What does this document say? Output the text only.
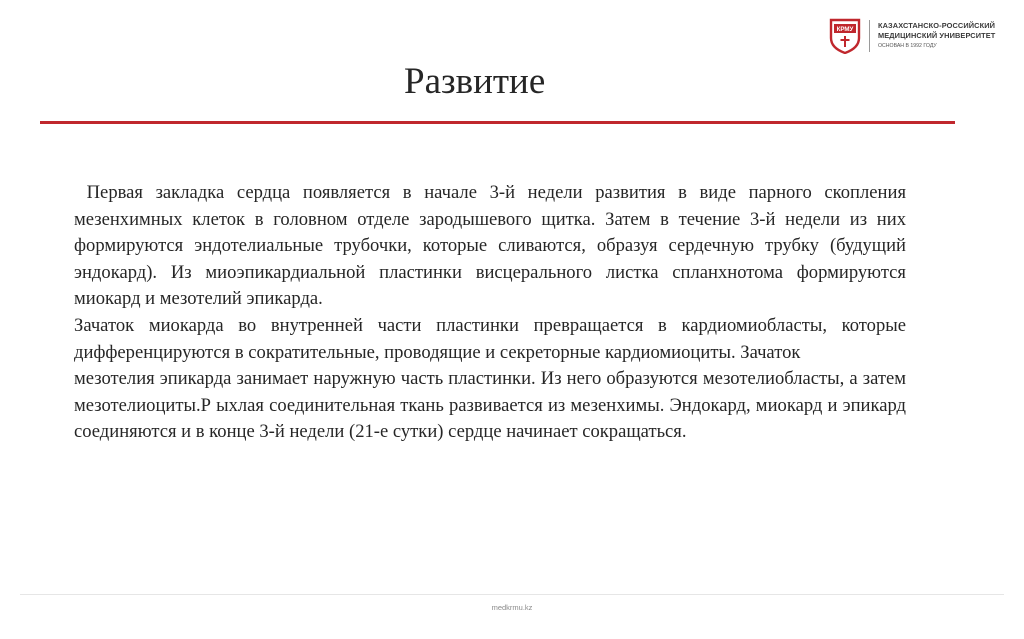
КРМУ	КАЗАХСТАНСКО-РОССИЙСКИЙ
МЕДИЦИНСКИЙ УНИВЕРСИТЕТ
ОСНОВАН В 1992 ГОДУ
Развитие

Первая закладка сердца появляется в начале 3-й недели развития в виде парного скопления мезенхимных клеток в головном отделе зародышевого щитка. Затем в течение 3-й недели из них формируются эндотелиальные трубочки, которые сливаются, образуя сердечную трубку (будущий эндокард). Из миоэпикардиальной пластинки висцерального листка спланхнотома формируются миокард и мезотелий эпикарда.

Зачаток миокарда во внутренней части пластинки превращается в кардиомиобласты, которые дифференцируются в сократительные, проводящие и секреторные кардиомиоциты. Зачаток

мезотелия эпикарда занимает наружную часть пластинки. Из него образуются мезотелиобласты, а затем мезотелиоциты.Р ыхлая соединительная ткань развивается из мезенхимы. Эндокард, миокард и эпикард соединяются и в конце 3-й недели (21-е сутки) сердце начинает сокращаться.

medkrmu.kz
